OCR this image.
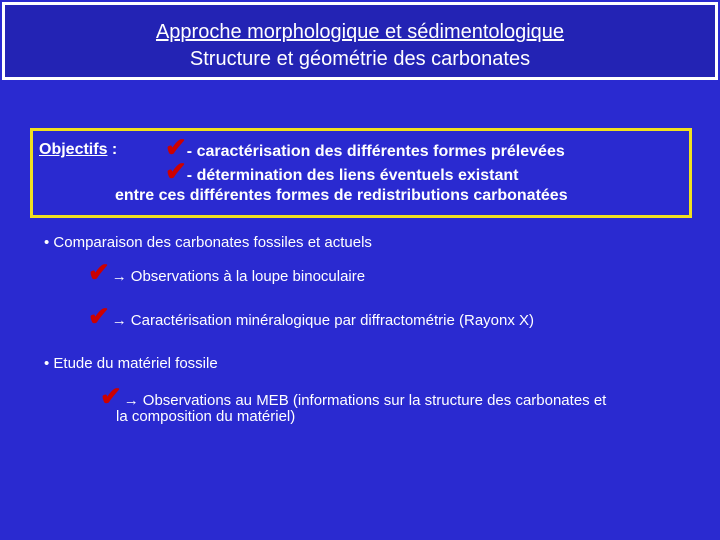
Approche morphologique et sédimentologique
Structure et géométrie des carbonates
Objectifs : ✔- caractérisation des différentes formes prélevées
✔- détermination des liens éventuels existant
entre ces différentes formes de redistributions carbonatées
• Comparaison des carbonates fossiles et actuels
✔ → Observations à la loupe binoculaire
✔ → Caractérisation minéralogique par diffractométrie (Rayonx X)
• Etude du matériel fossile
✔ → Observations au MEB (informations sur la structure des carbonates et
la composition du matériel)
